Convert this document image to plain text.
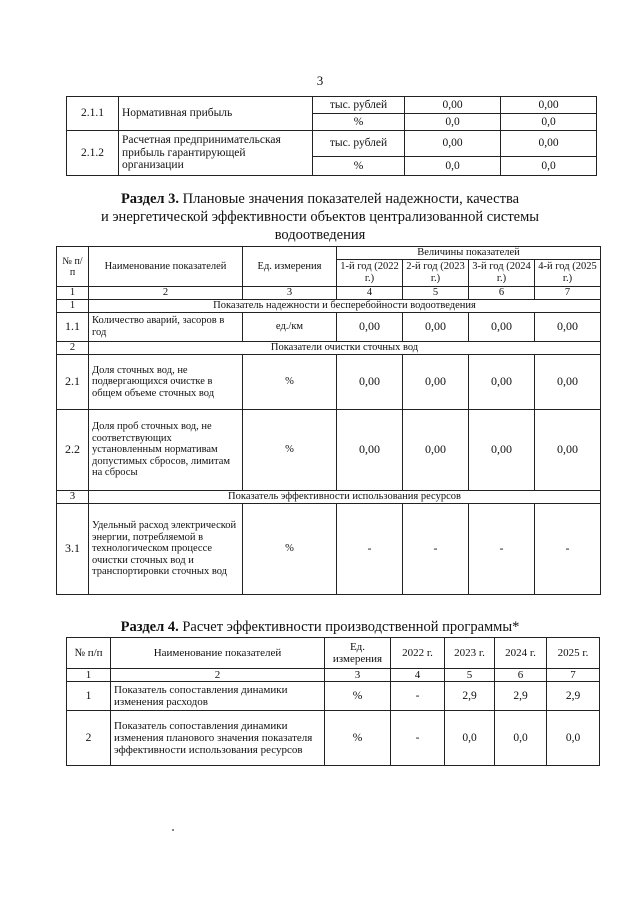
3
2.1.1	Нормативная прибыль	тыс. рублей	0,00	0,00
		%	0,0	0,0
2.1.2	Расчетная предпринимательская прибыль гарантирующей организации	тыс. рублей	0,00	0,00
		%	0,0	0,0
Раздел 3. Плановые значения показателей надежности, качества
и энергетической эффективности объектов централизованной системы
водоотведения
№ п/п	Наименование показателей	Ед. измерения	Величины показателей			
			1-й год (2022 г.)	2-й год (2023 г.)	3-й год (2024 г.)	4-й год (2025 г.)
1	2	3	4	5	6	7
1	Показатель надежности и бесперебойности водоотведения					
1.1	Количество аварий, засоров в год	ед./км	0,00	0,00	0,00	0,00
2	Показатели очистки сточных вод					
2.1	Доля сточных вод, не подвергающихся очистке в общем объеме сточных вод	%	0,00	0,00	0,00	0,00
2.2	Доля проб сточных вод, не соответствующих установленным нормативам допустимых сбросов, лимитам на сбросы	%	0,00	0,00	0,00	0,00
3	Показатель эффективности использования ресурсов					
3.1	Удельный расход электрической энергии, потребляемой в технологическом процессе очистки сточных вод и транспортировки сточных вод	%	-	-	-	-
Раздел 4. Расчет эффективности производственной программы*
№ п/п	Наименование показателей	Ед. измерения	2022 г.	2023 г.	2024 г.	2025 г.
1	2	3	4	5	6	7
1	Показатель сопоставления динамики изменения расходов	%	-	2,9	2,9	2,9
2	Показатель сопоставления динамики изменения планового значения показателя эффективности использования ресурсов	%	-	0,0	0,0	0,0
